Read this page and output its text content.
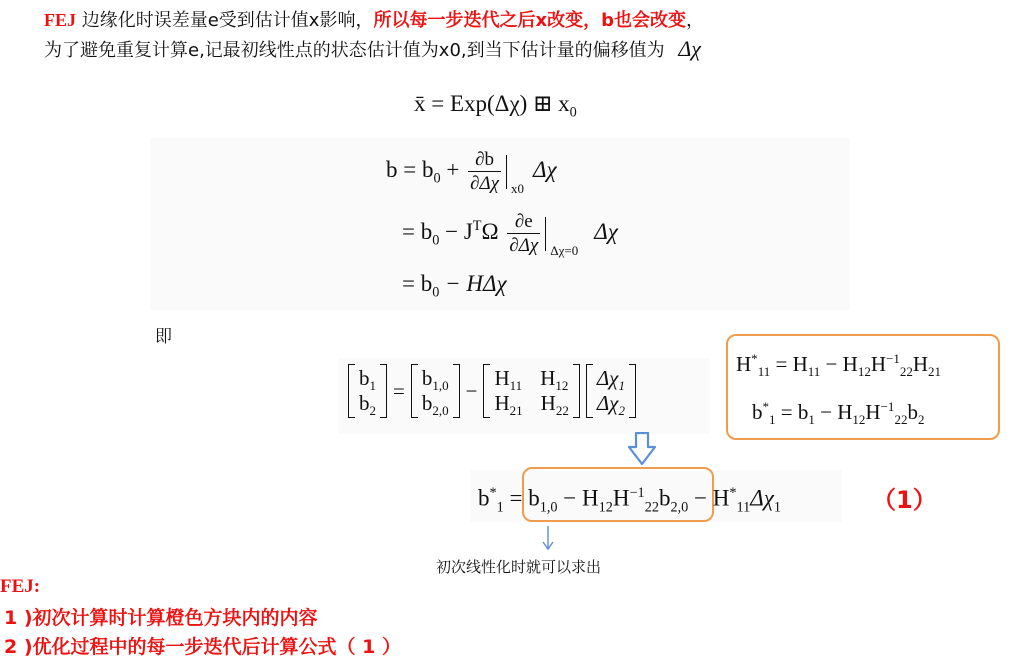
FEJ 边缘化时误差量e受到估计值x影响，所以每一步迭代之后x改变，b也会改变，
为了避免重复计算e,记最初线性点的状态估计值为x0,到当下估计量的偏移值为 Δχ
x̄ = Exp(Δχ) ⊞ $x_0$
$b = b_0 + \frac{\partial b}{\partial\Delta\chi} x0$
Δχ
= $b_0 - J^T\Omega \frac{\partial e}{\partial\Delta\chi} \Delta\chi=0$
Δχ
= $b_0 - H\Delta\chi$
即
$b_1$
$b_2$
=
$b_{1,0}$
$b_{2,0}$
−
$H_{11}$ $H_{12}$
$H_{21}$ $H_{22}$
$\Delta\chi_1$
$\Delta\chi_2$
$H^*_{11} = H_{11} - H_{12}H^{-1}_{22}H_{21}$
$b^*_1 = b_1 - H_{12}H^{-1}_{22}b_2$
$b^*_1 = b_{1,0} - H_{12}H^{-1}_{22}b_{2,0} - H^*_{11}\Delta\chi_1$	（1）
初次线性化时就可以求出
FEJ:
1 )初次计算时计算橙色方块内的内容
2 )优化过程中的每一步迭代后计算公式（ 1 ）
